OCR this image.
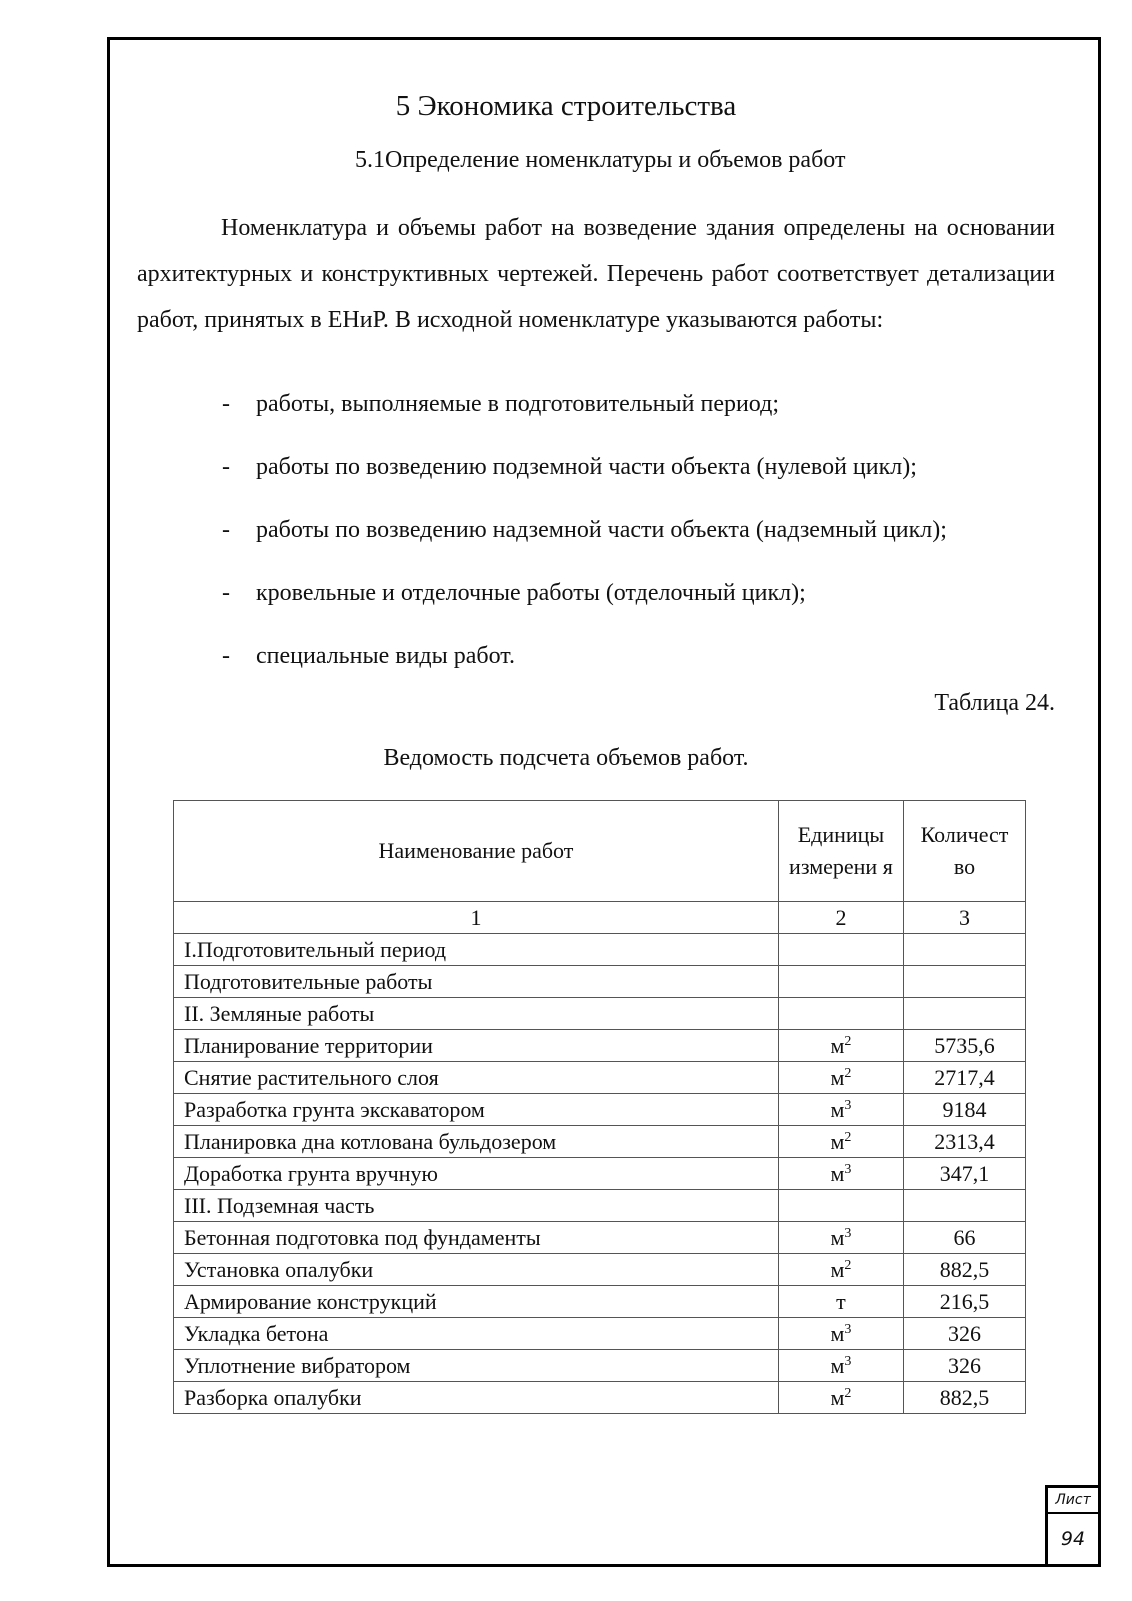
5 Экономика строительства
5.1Определение номенклатуры и объемов работ

Номенклатура и объемы работ на возведение здания определены на основании архитектурных и конструктивных чертежей. Перечень работ соответствует детализации работ, принятых в ЕНиР. В исходной номенклатуре указываются работы:

- работы, выполняемые в подготовительный период;
- работы по возведению подземной части объекта (нулевой цикл);
- работы по возведению надземной части объекта (надземный цикл);
- кровельные и отделочные работы (отделочный цикл);
- специальные виды работ.
Таблица 24.
Ведомость подсчета объемов работ.
Наименование работ	Единицы измерени я	Количест во
1	2	3
I.Подготовительный период		
Подготовительные работы		
II. Земляные работы		
Планирование территории	$м^2$	5735,6
Снятие растительного слоя	$м^2$	2717,4
Разработка грунта экскаватором	$м^3$	9184
Планировка дна котлована бульдозером	$м^2$	2313,4
Доработка грунта вручную	$м^3$	347,1
III. Подземная часть		
Бетонная подготовка под фундаменты	$м^3$	66
Установка опалубки	$м^2$	882,5
Армирование конструкций	т	216,5
Укладка бетона	$м^3$	326
Уплотнение вибратором	$м^3$	326
Разборка опалубки	$м^2$	882,5
Лист
94
